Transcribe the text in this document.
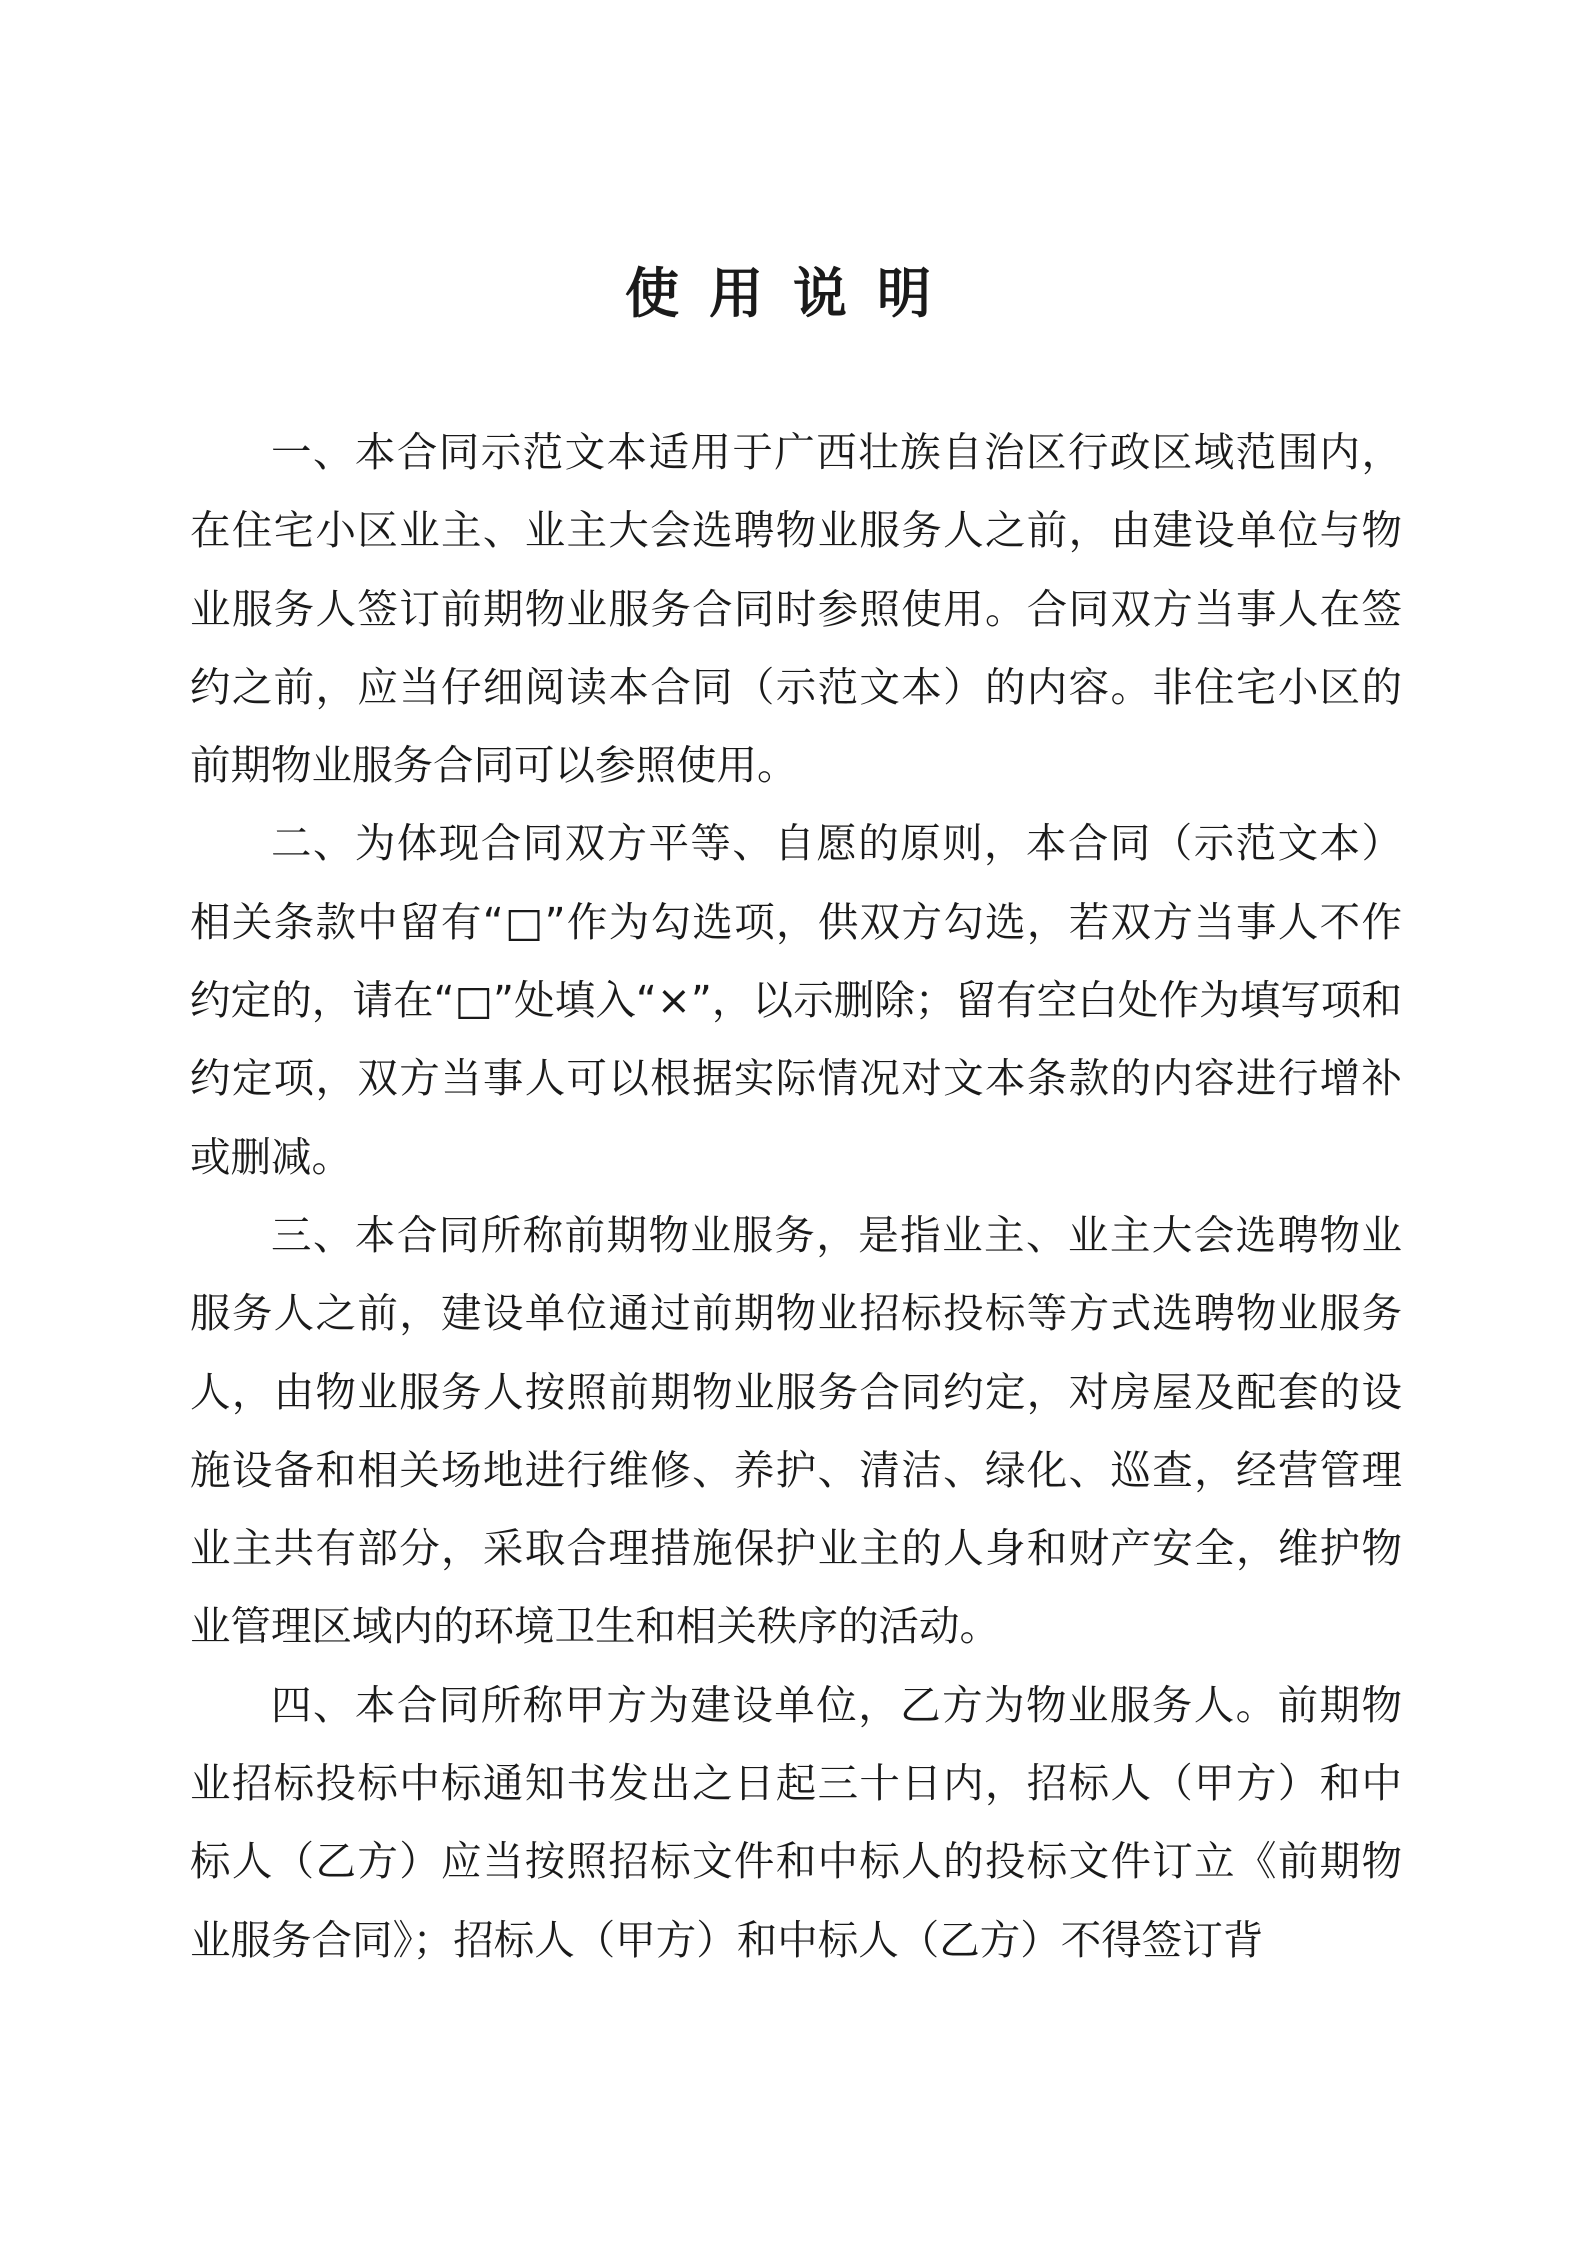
使用说明

一、本合同示范文本适用于广西壮族自治区行政区域范围内，在住宅小区业主、业主大会选聘物业服务人之前，由建设单位与物业服务人签订前期物业服务合同时参照使用。合同双方当事人在签约之前，应当仔细阅读本合同（示范文本）的内容。非住宅小区的前期物业服务合同可以参照使用。

二、为体现合同双方平等、自愿的原则，本合同（示范文本）相关条款中留有“□”作为勾选项，供双方勾选，若双方当事人不作约定的，请在“□”处填入“×”，以示删除；留有空白处作为填写项和约定项，双方当事人可以根据实际情况对文本条款的内容进行增补或删减。

三、本合同所称前期物业服务，是指业主、业主大会选聘物业服务人之前，建设单位通过前期物业招标投标等方式选聘物业服务人，由物业服务人按照前期物业服务合同约定，对房屋及配套的设施设备和相关场地进行维修、养护、清洁、绿化、巡查，经营管理业主共有部分，采取合理措施保护业主的人身和财产安全，维护物业管理区域内的环境卫生和相关秩序的活动。

四、本合同所称甲方为建设单位，乙方为物业服务人。前期物业招标投标中标通知书发出之日起三十日内，招标人（甲方）和中标人（乙方）应当按照招标文件和中标人的投标文件订立《前期物业服务合同》；招标人（甲方）和中标人（乙方）不得签订背
